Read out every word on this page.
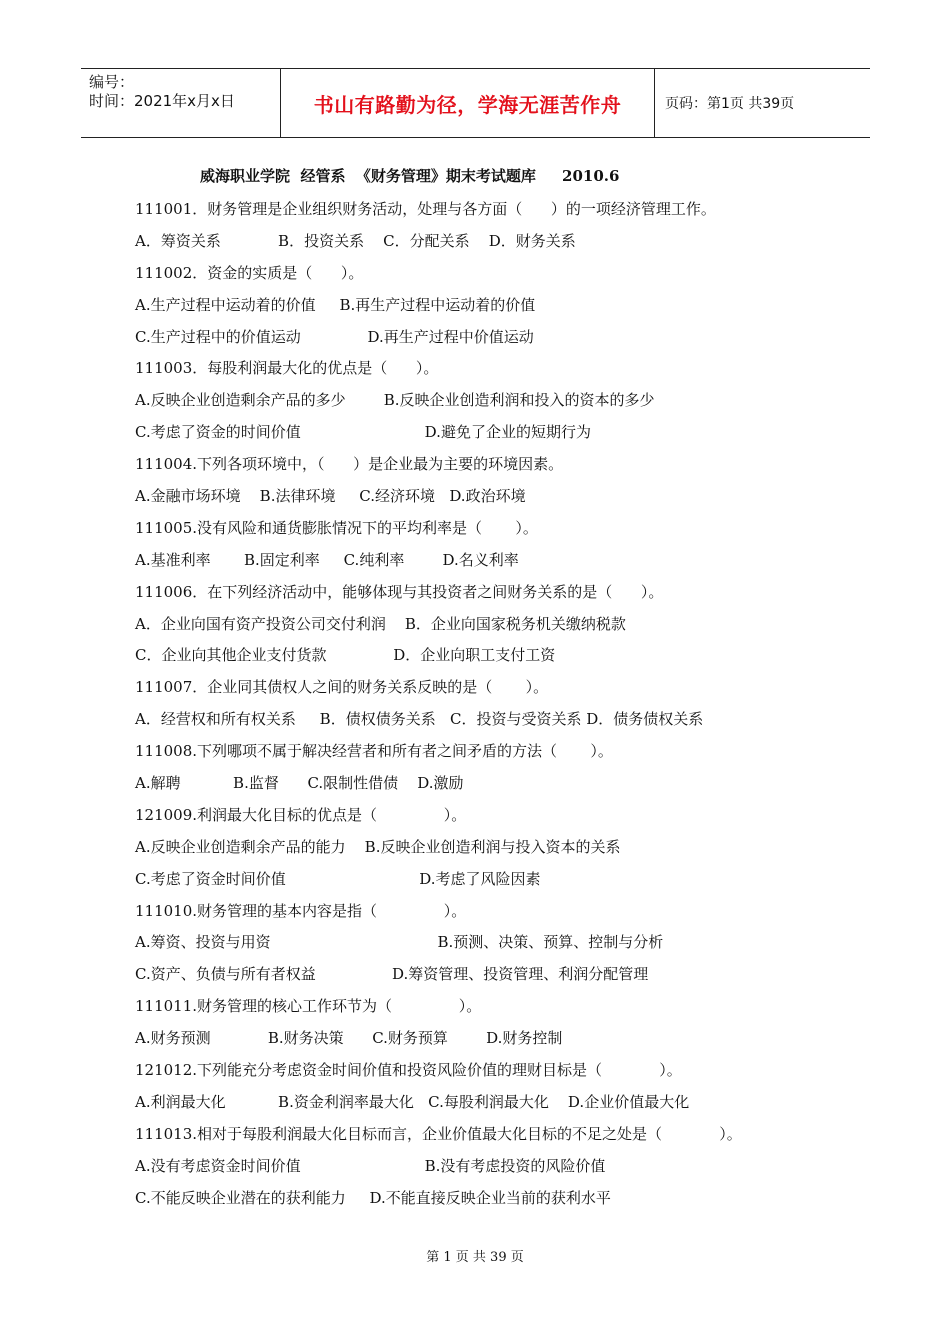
编号：
时间：2021年x月x日	书山有路勤为径，学海无涯苦作舟	页码：第1页 共39页
威海职业学院  经管系  《财务管理》期末考试题库     2010.6
111001．财务管理是企业组织财务活动，处理与各方面（      ）的一项经济管理工作。
A．筹资关系            B．投资关系    C．分配关系    D．财务关系
111002．资金的实质是（      ）。
A.生产过程中运动着的价值     B.再生产过程中运动着的价值
C.生产过程中的价值运动              D.再生产过程中价值运动
111003．每股利润最大化的优点是（      ）。
A.反映企业创造剩余产品的多少        B.反映企业创造利润和投入的资本的多少
C.考虑了资金的时间价值                          D.避免了企业的短期行为
111004.下列各项环境中，（      ）是企业最为主要的环境因素。
A.金融市场环境    B.法律环境     C.经济环境   D.政治环境
111005.没有风险和通货膨胀情况下的平均利率是（       ）。
A.基准利率       B.固定利率     C.纯利率        D.名义利率
111006．在下列经济活动中，能够体现与其投资者之间财务关系的是（      ）。
A．企业向国有资产投资公司交付利润    B．企业向国家税务机关缴纳税款
C．企业向其他企业支付货款              D．企业向职工支付工资
111007．企业同其债权人之间的财务关系反映的是（       ）。
A．经营权和所有权关系     B．债权债务关系   C．投资与受资关系 D．债务债权关系
111008.下列哪项不属于解决经营者和所有者之间矛盾的方法（       ）。
A.解聘           B.监督      C.限制性借债    D.激励
121009.利润最大化目标的优点是（              ）。
A.反映企业创造剩余产品的能力    B.反映企业创造利润与投入资本的关系
C.考虑了资金时间价值                            D.考虑了风险因素
111010.财务管理的基本内容是指（              ）。
A.筹资、投资与用资                                   B.预测、决策、预算、控制与分析
C.资产、负债与所有者权益                D.筹资管理、投资管理、利润分配管理
111011.财务管理的核心工作环节为（              ）。
A.财务预测            B.财务决策      C.财务预算        D.财务控制
121012.下列能充分考虑资金时间价值和投资风险价值的理财目标是（            ）。
A.利润最大化           B.资金利润率最大化   C.每股利润最大化    D.企业价值最大化
111013.相对于每股利润最大化目标而言，企业价值最大化目标的不足之处是（            ）。
A.没有考虑资金时间价值                          B.没有考虑投资的风险价值
C.不能反映企业潜在的获利能力     D.不能直接反映企业当前的获利水平
第 1 页 共 39 页
